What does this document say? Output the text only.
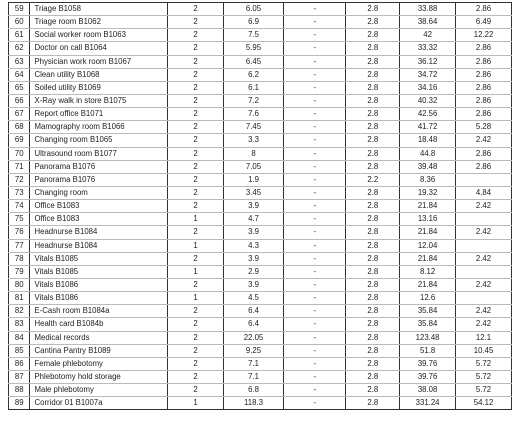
59	Triage B1058	2	6.05	-	2.8	33.88	2.86
60	Triage room B1062	2	6.9	-	2.8	38.64	6.49
61	Social worker room B1063	2	7.5	-	2.8	42	12.22
62	Doctor on call B1064	2	5.95	-	2.8	33.32	2.86
63	Physician work room B1067	2	6.45	-	2.8	36.12	2.86
64	Clean utility B1068	2	6.2	-	2.8	34.72	2.86
65	Soiled utility B1069	2	6.1	-	2.8	34.16	2.86
66	X-Ray walk in store B1075	2	7.2	-	2.8	40.32	2.86
67	Report office B1071	2	7.6	-	2.8	42.56	2.86
68	Mamography room B1066	2	7.45	-	2.8	41.72	5.28
69	Changing room B1065	2	3.3	-	2.8	18.48	2.42
70	Ultrasound room B1077	2	8	-	2.8	44.8	2.86
71	Panorama B1076	2	7.05	-	2.8	39.48	2.86
72	Panorama B1076	2	1.9	-	2.2	8.36	
73	Changing room	2	3.45	-	2.8	19.32	4.84
74	Office B1083	2	3.9	-	2.8	21.84	2.42
75	Office B1083	1	4.7	-	2.8	13.16	
76	Headnurse B1084	2	3.9	-	2.8	21.84	2.42
77	Headnurse B1084	1	4.3	-	2.8	12.04	
78	Vitals B1085	2	3.9	-	2.8	21.84	2.42
79	Vitals B1085	1	2.9	-	2.8	8.12	
80	Vitals B1086	2	3.9	-	2.8	21.84	2.42
81	Vitals B1086	1	4.5	-	2.8	12.6	
82	E-Cash room B1084a	2	6.4	-	2.8	35.84	2.42
83	Health card B1084b	2	6.4	-	2.8	35.84	2.42
84	Medical records	2	22.05	-	2.8	123.48	12.1
85	Cantina Pantry B1089	2	9.25	-	2.8	51.8	10.45
86	Female phlebotomy	2	7.1	-	2.8	39.76	5.72
87	Phlebotomy hold storage	2	7.1	-	2.8	39.76	5.72
88	Male phlebotomy	2	6.8	-	2.8	38.08	5.72
89	Corridor 01 B1007a	1	118.3	-	2.8	331.24	54.12
